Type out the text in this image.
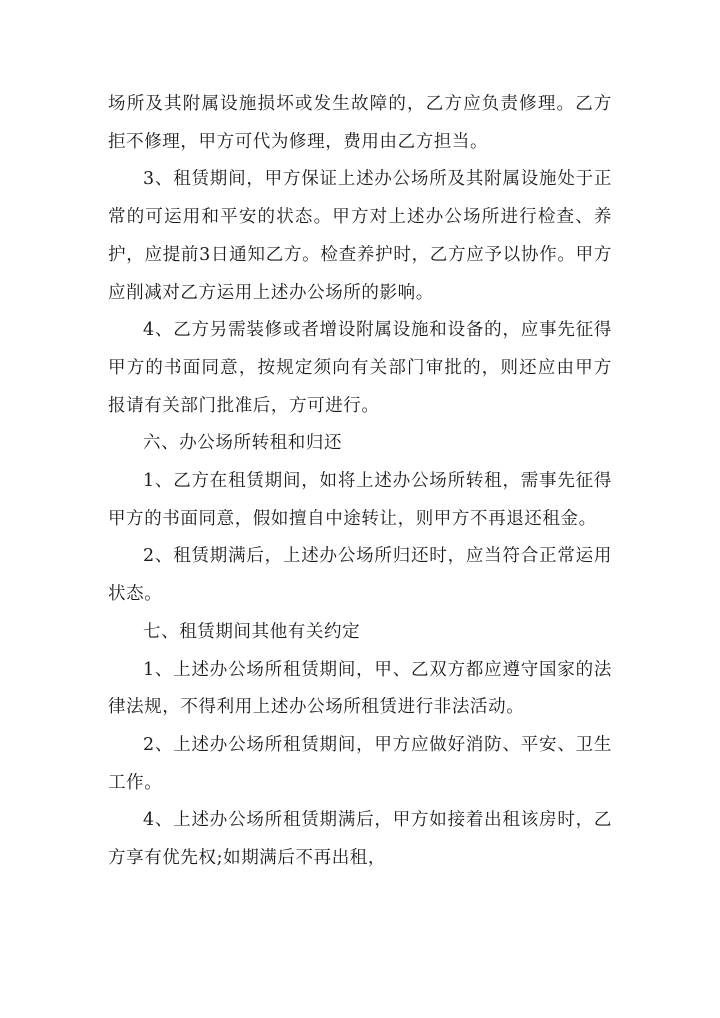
场所及其附属设施损坏或发生故障的，乙方应负责修理。乙方拒不修理，甲方可代为修理，费用由乙方担当。

3、租赁期间，甲方保证上述办公场所及其附属设施处于正常的可运用和平安的状态。甲方对上述办公场所进行检查、养护，应提前3日通知乙方。检查养护时，乙方应予以协作。甲方应削减对乙方运用上述办公场所的影响。

4、乙方另需装修或者增设附属设施和设备的，应事先征得甲方的书面同意，按规定须向有关部门审批的，则还应由甲方报请有关部门批准后，方可进行。

六、办公场所转租和归还

1、乙方在租赁期间，如将上述办公场所转租，需事先征得甲方的书面同意，假如擅自中途转让，则甲方不再退还租金。

2、租赁期满后，上述办公场所归还时，应当符合正常运用状态。

七、租赁期间其他有关约定

1、上述办公场所租赁期间，甲、乙双方都应遵守国家的法律法规，不得利用上述办公场所租赁进行非法活动。

2、上述办公场所租赁期间，甲方应做好消防、平安、卫生工作。

4、上述办公场所租赁期满后，甲方如接着出租该房时，乙方享有优先权;如期满后不再出租，
